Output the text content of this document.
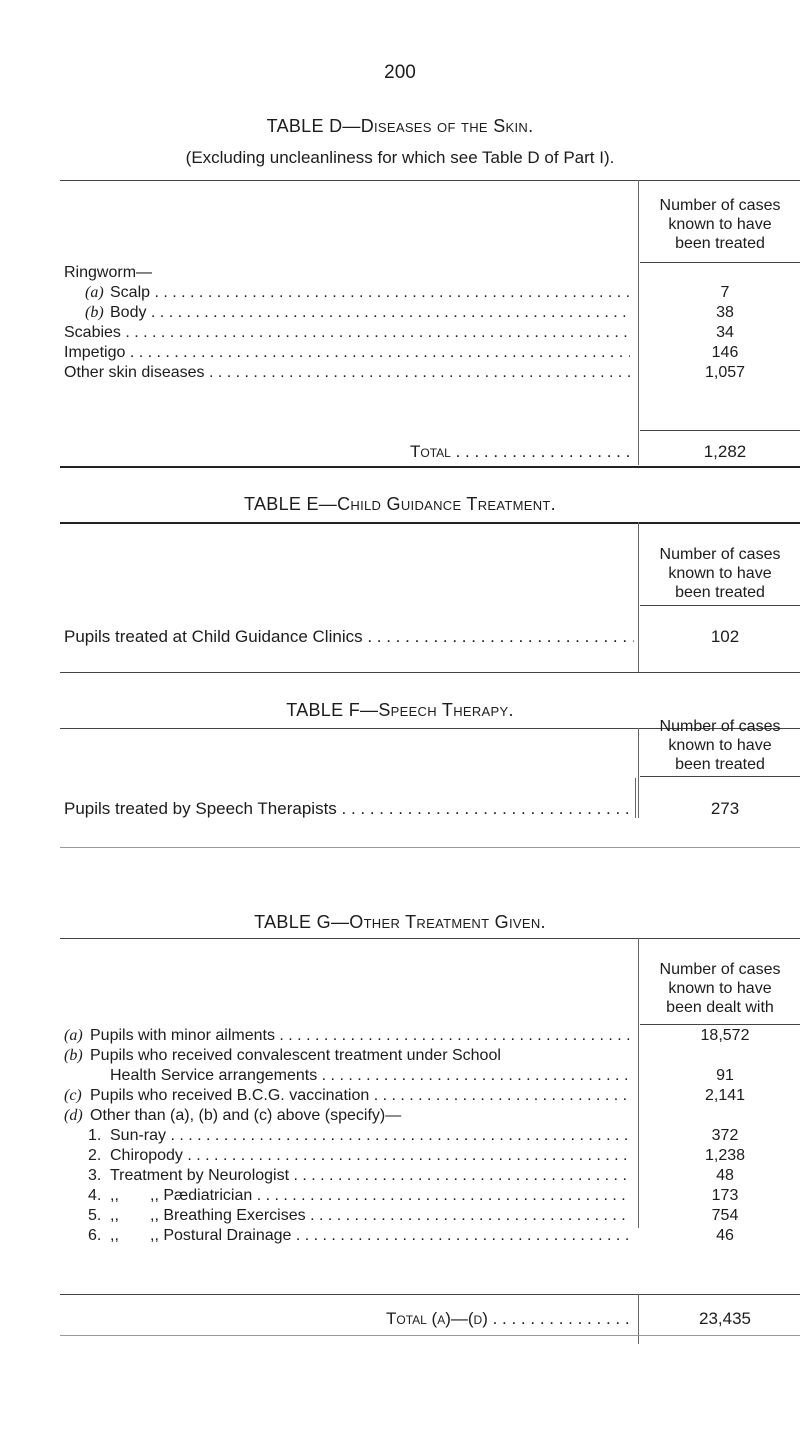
200
TABLE D—Diseases of the Skin.
(Excluding uncleanliness for which see Table D of Part I).
Number of cases
known to have
been treated
Ringworm—
(a) Scalp . . .	7
(b) Body . . .	38
Scabies . . .	34
Impetigo . . .	146
Other skin diseases . . .	1,057
Total . . .	1,282
TABLE E—Child Guidance Treatment.
Number of cases
known to have
been treated
Pupils treated at Child Guidance Clinics . . .	102
TABLE F—Speech Therapy.
Number of cases
known to have
been treated
Pupils treated by Speech Therapists . . .	273
TABLE G—Other Treatment Given.
Number of cases
known to have
been dealt with
(a) Pupils with minor ailments . . .	18,572
(b) Pupils who received convalescent treatment under School
Health Service arrangements . . .	91
(c) Pupils who received B.C.G. vaccination . . .	2,141
(d) Other than (a), (b) and (c) above (specify)—
1. Sun-ray . . .	372
2. Chiropody . . .	1,238
3. Treatment by Neurologist . . .	48
4. ,,       ,, Pædiatrician . . .	173
5. ,,       ,, Breathing Exercises . . .	754
6. ,,       ,, Postural Drainage . . .	46
Total (a)—(d) . . .	23,435
